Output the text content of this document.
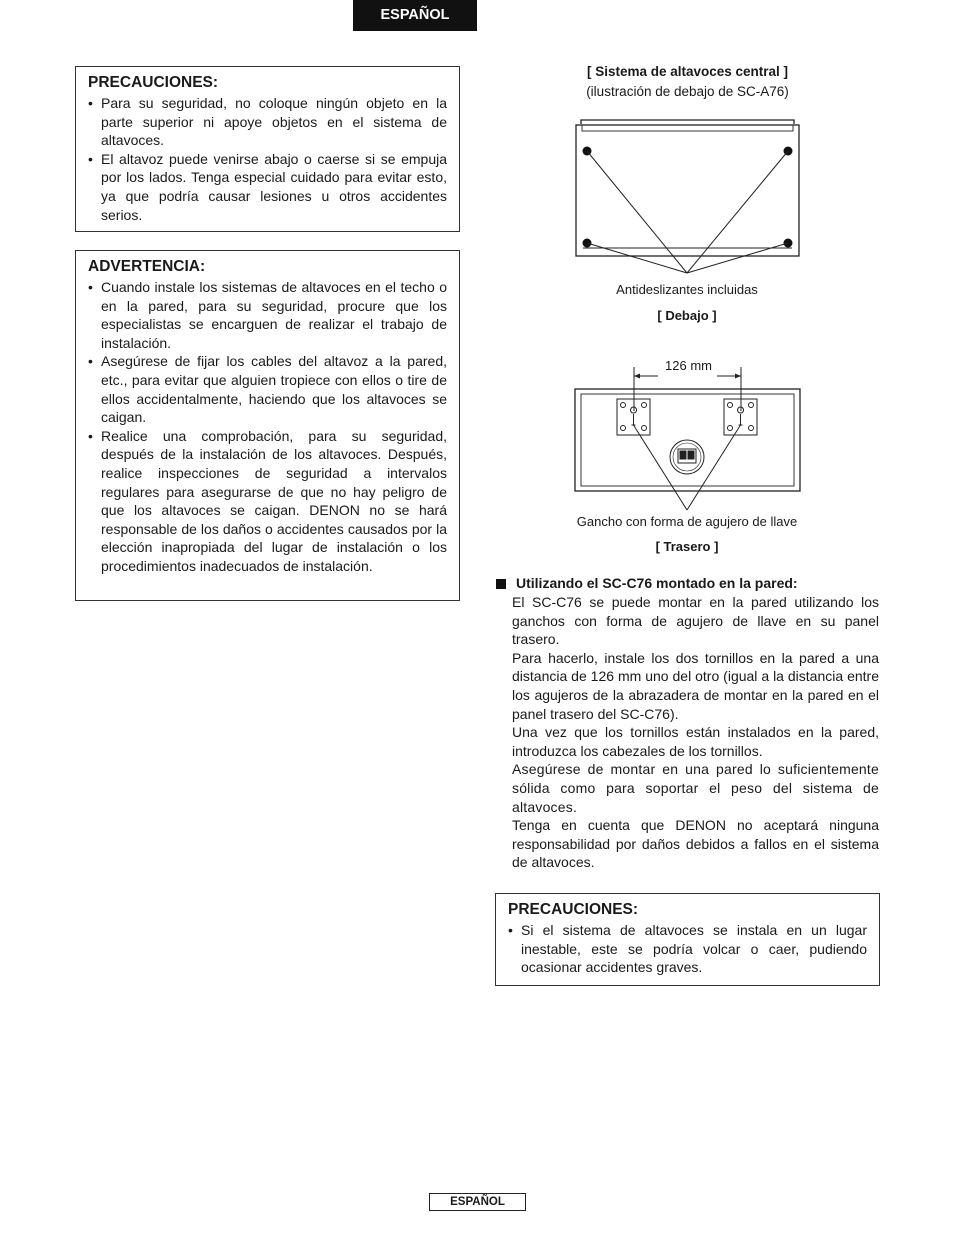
ESPAÑOL
PRECAUCIONES:
• Para su seguridad, no coloque ningún objeto en la parte superior ni apoye objetos en el sistema de altavoces.
• El altavoz puede venirse abajo o caerse si se empuja por los lados. Tenga especial cuidado para evitar esto, ya que podría causar lesiones u otros accidentes serios.
ADVERTENCIA:
• Cuando instale los sistemas de altavoces en el techo o en la pared, para su seguridad, procure que los especialistas se encarguen de realizar el trabajo de instalación.
• Asegúrese de fijar los cables del altavoz a la pared, etc., para evitar que alguien tropiece con ellos o tire de ellos accidentalmente, haciendo que los altavoces se caigan.
• Realice una comprobación, para su seguridad, después de la instalación de los altavoces. Después, realice inspecciones de seguridad a intervalos regulares para asegurarse de que no hay peligro de que los altavoces se caigan. DENON no se hará responsable de los daños o accidentes causados por la elección inapropiada del lugar de instalación o los procedimientos inadecuados de instalación.
[ Sistema de altavoces central ]
(ilustración de debajo de SC-A76)
Antideslizantes incluidas
[ Debajo ]
126 mm
Gancho con forma de agujero de llave
[ Trasero ]
Utilizando el SC-C76 montado en la pared:

El SC-C76 se puede montar en la pared utilizando los ganchos con forma de agujero de llave en su panel trasero.

Para hacerlo, instale los dos tornillos en la pared a una distancia de 126 mm uno del otro (igual a la distancia entre los agujeros de la abrazadera de montar en la pared en el panel trasero del SC-C76).

Una vez que los tornillos están instalados en la pared, introduzca los cabezales de los tornillos.

Asegúrese de montar en una pared lo suficientemente sólida como para soportar el peso del sistema de altavoces.

Tenga en cuenta que DENON no aceptará ninguna responsabilidad por daños debidos a fallos en el sistema de altavoces.

PRECAUCIONES:
• Si el sistema de altavoces se instala en un lugar inestable, este se podría volcar o caer, pudiendo ocasionar accidentes graves.
ESPAÑOL
